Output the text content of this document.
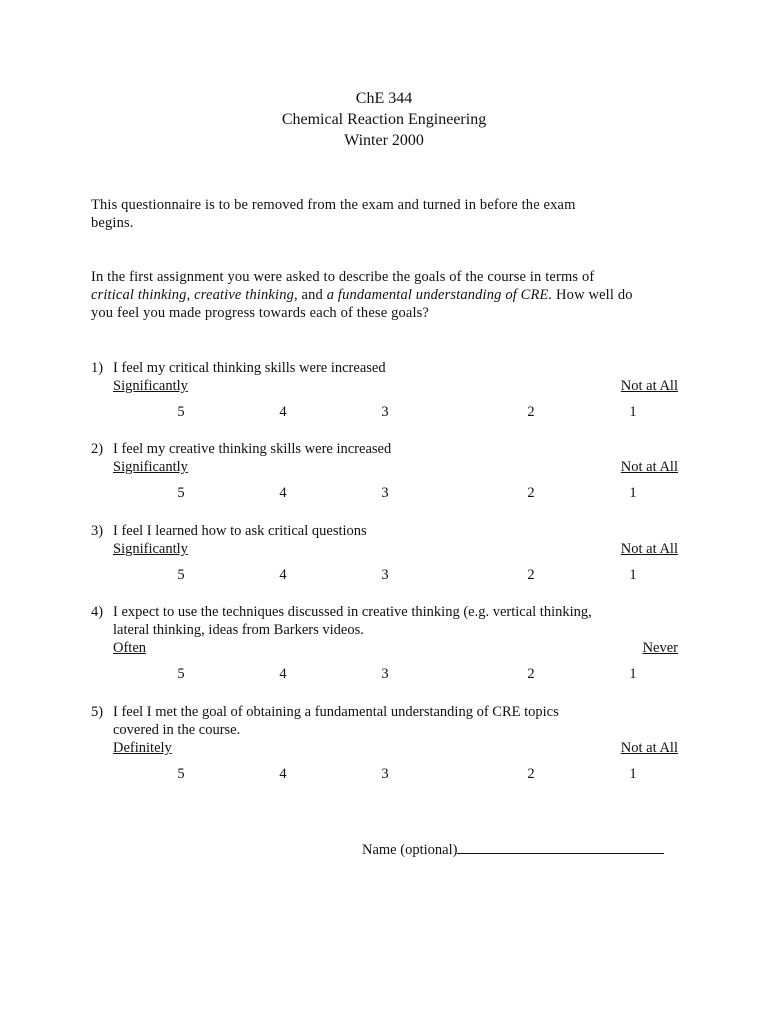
ChE 344
Chemical Reaction Engineering
Winter 2000
This questionnaire is to be removed from the exam and turned in before the exam
begins.
In the first assignment you were asked to describe the goals of the course in terms of
critical thinking, creative thinking, and a fundamental understanding of CRE. How well do
you feel you made progress towards each of these goals?
1) I feel my critical thinking skills were increased
Significantly	Not at All
5	4	3	2	1
2) I feel my creative thinking skills were increased
Significantly	Not at All
5	4	3	2	1
3) I feel I learned how to ask critical questions
Significantly	Not at All
5	4	3	2	1
4) I expect to use the techniques discussed in creative thinking (e.g. vertical thinking,
lateral thinking, ideas from Barkers videos.
Often	Never
5	4	3	2	1
5) I feel I met the goal of obtaining a fundamental understanding of CRE topics
covered in the course.
Definitely	Not at All
5	4	3	2	1
Name (optional)
